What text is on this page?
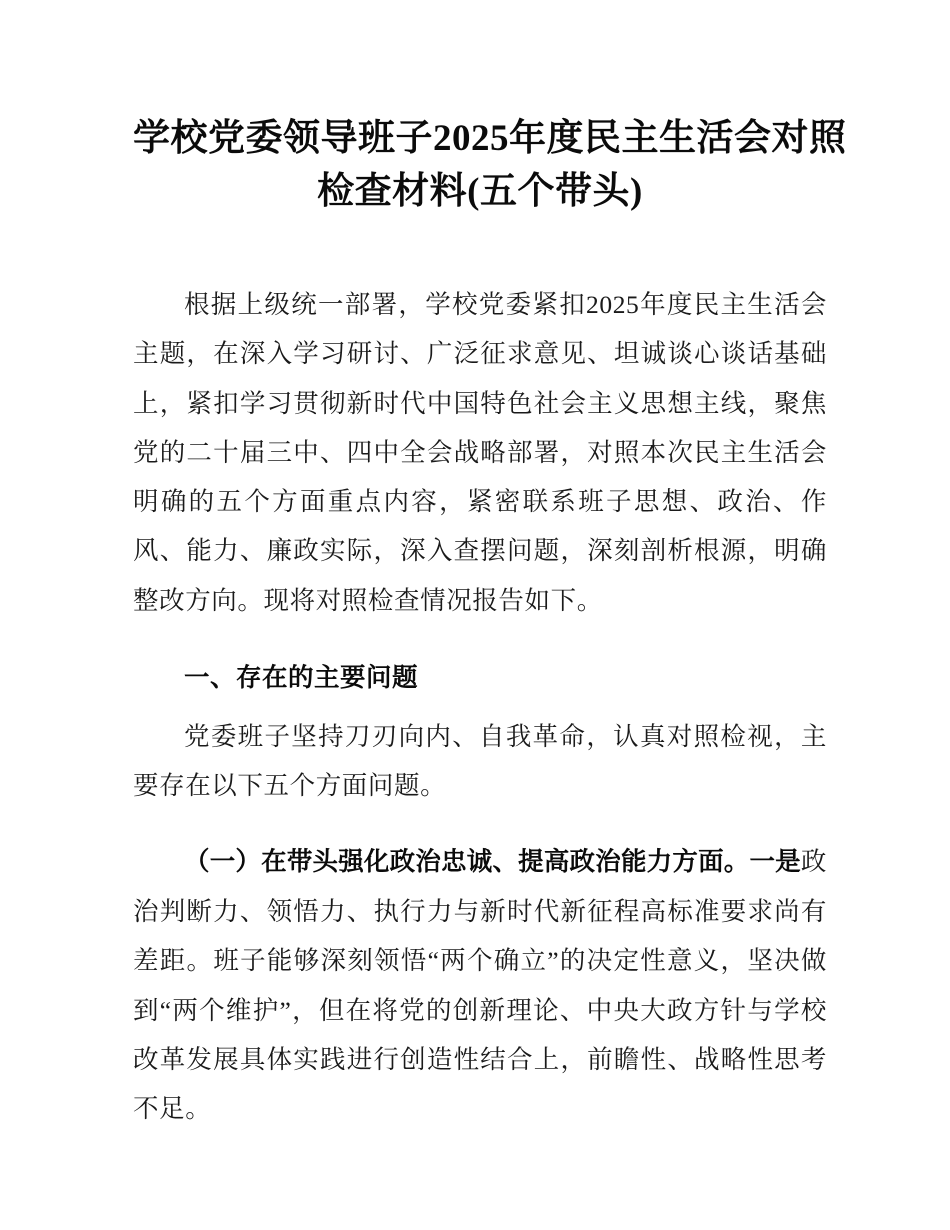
学校党委领导班子2025年度民主生活会对照
检查材料(五个带头)

根据上级统一部署，学校党委紧扣2025年度民主生活会主题，在深入学习研讨、广泛征求意见、坦诚谈心谈话基础上，紧扣学习贯彻新时代中国特色社会主义思想主线，聚焦党的二十届三中、四中全会战略部署，对照本次民主生活会明确的五个方面重点内容，紧密联系班子思想、政治、作风、能力、廉政实际，深入查摆问题，深刻剖析根源，明确整改方向。现将对照检查情况报告如下。

一、存在的主要问题

党委班子坚持刀刃向内、自我革命，认真对照检视，主要存在以下五个方面问题。

（一）在带头强化政治忠诚、提高政治能力方面。一是政治判断力、领悟力、执行力与新时代新征程高标准要求尚有差距。班子能够深刻领悟“两个确立”的决定性意义，坚决做到“两个维护”，但在将党的创新理论、中央大政方针与学校改革发展具体实践进行创造性结合上，前瞻性、战略性思考不足。
